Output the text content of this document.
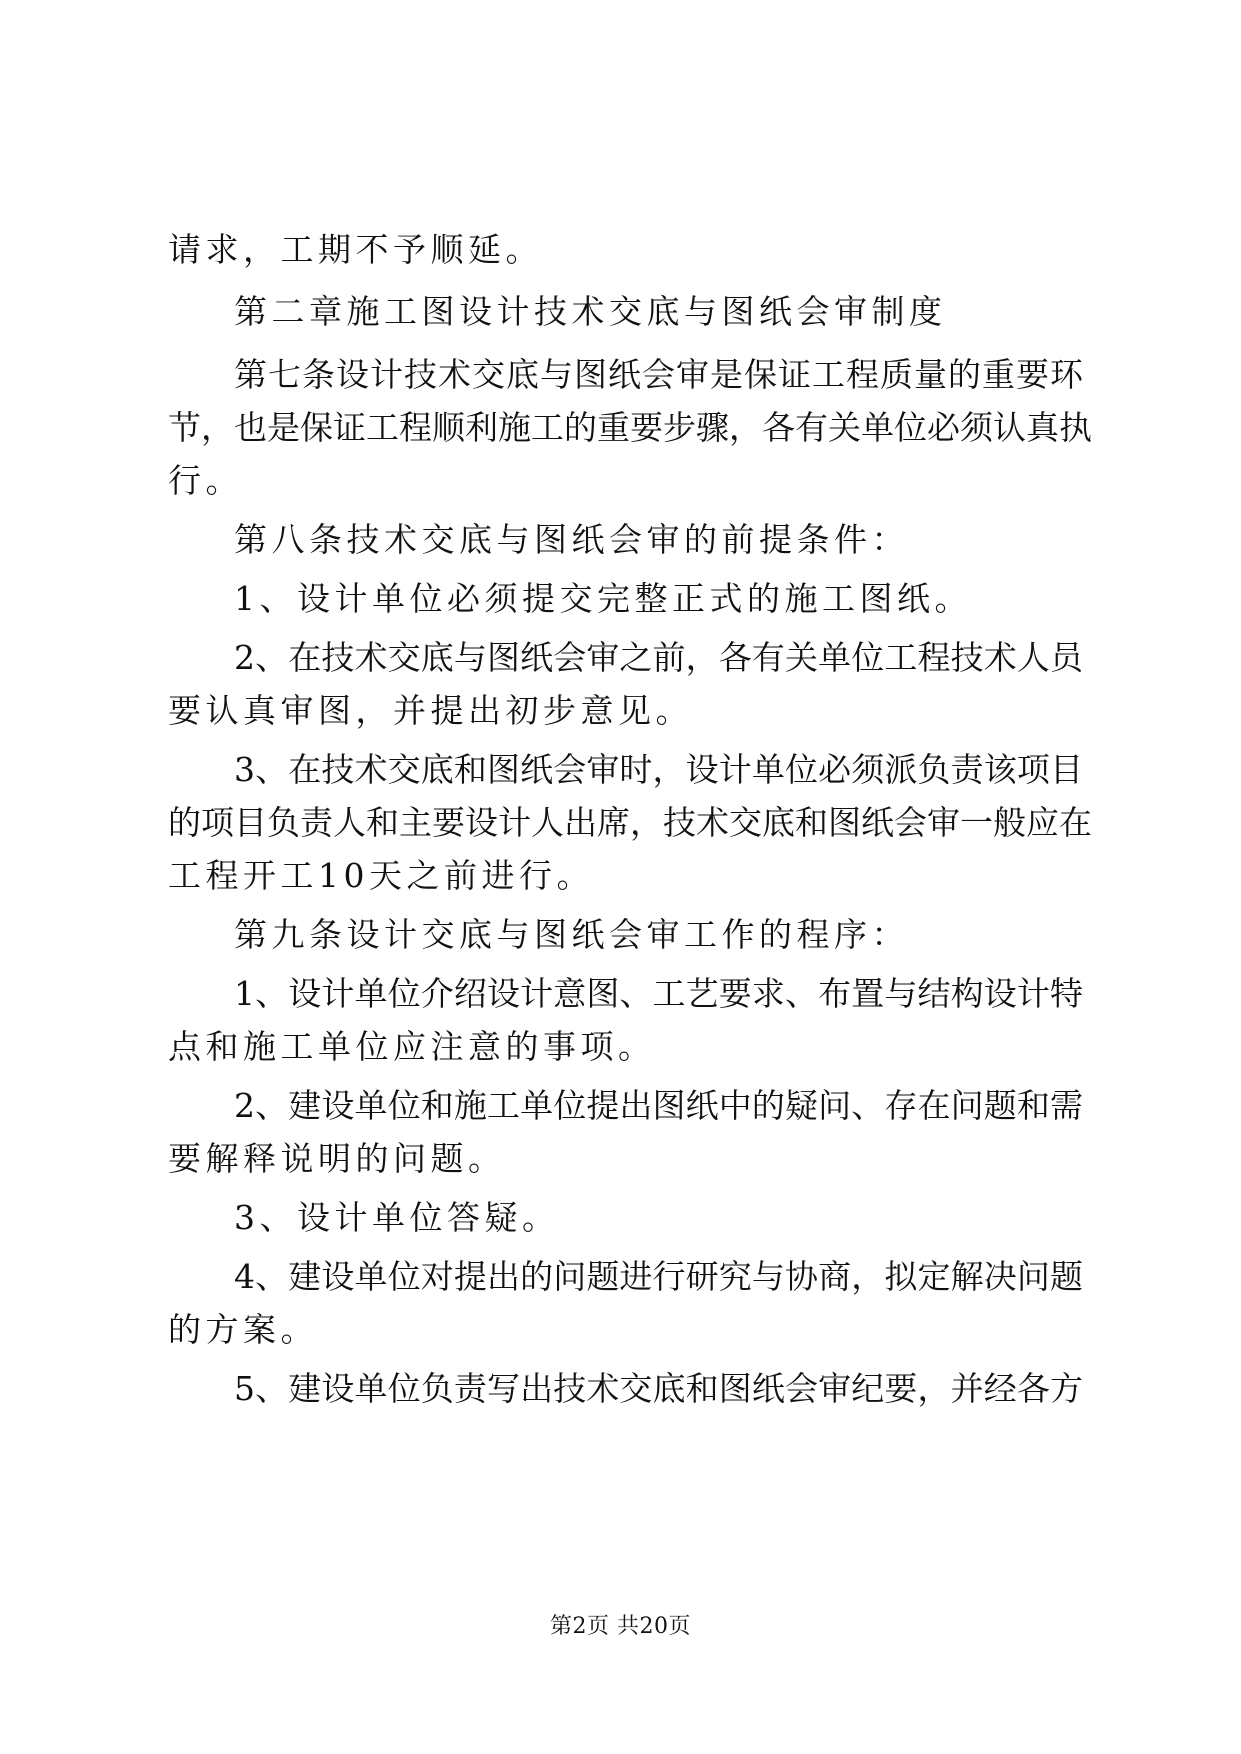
请求，工期不予顺延。
第二章施工图设计技术交底与图纸会审制度
第七条设计技术交底与图纸会审是保证工程质量的重要环
节，也是保证工程顺利施工的重要步骤，各有关单位必须认真执
行。
第八条技术交底与图纸会审的前提条件：
1、设计单位必须提交完整正式的施工图纸。
2、在技术交底与图纸会审之前，各有关单位工程技术人员
要认真审图，并提出初步意见。
3、在技术交底和图纸会审时，设计单位必须派负责该项目
的项目负责人和主要设计人出席，技术交底和图纸会审一般应在
工程开工10天之前进行。
第九条设计交底与图纸会审工作的程序：
1、设计单位介绍设计意图、工艺要求、布置与结构设计特
点和施工单位应注意的事项。
2、建设单位和施工单位提出图纸中的疑问、存在问题和需
要解释说明的问题。
3、设计单位答疑。
4、建设单位对提出的问题进行研究与协商，拟定解决问题
的方案。
5、建设单位负责写出技术交底和图纸会审纪要，并经各方
第2页 共20页
